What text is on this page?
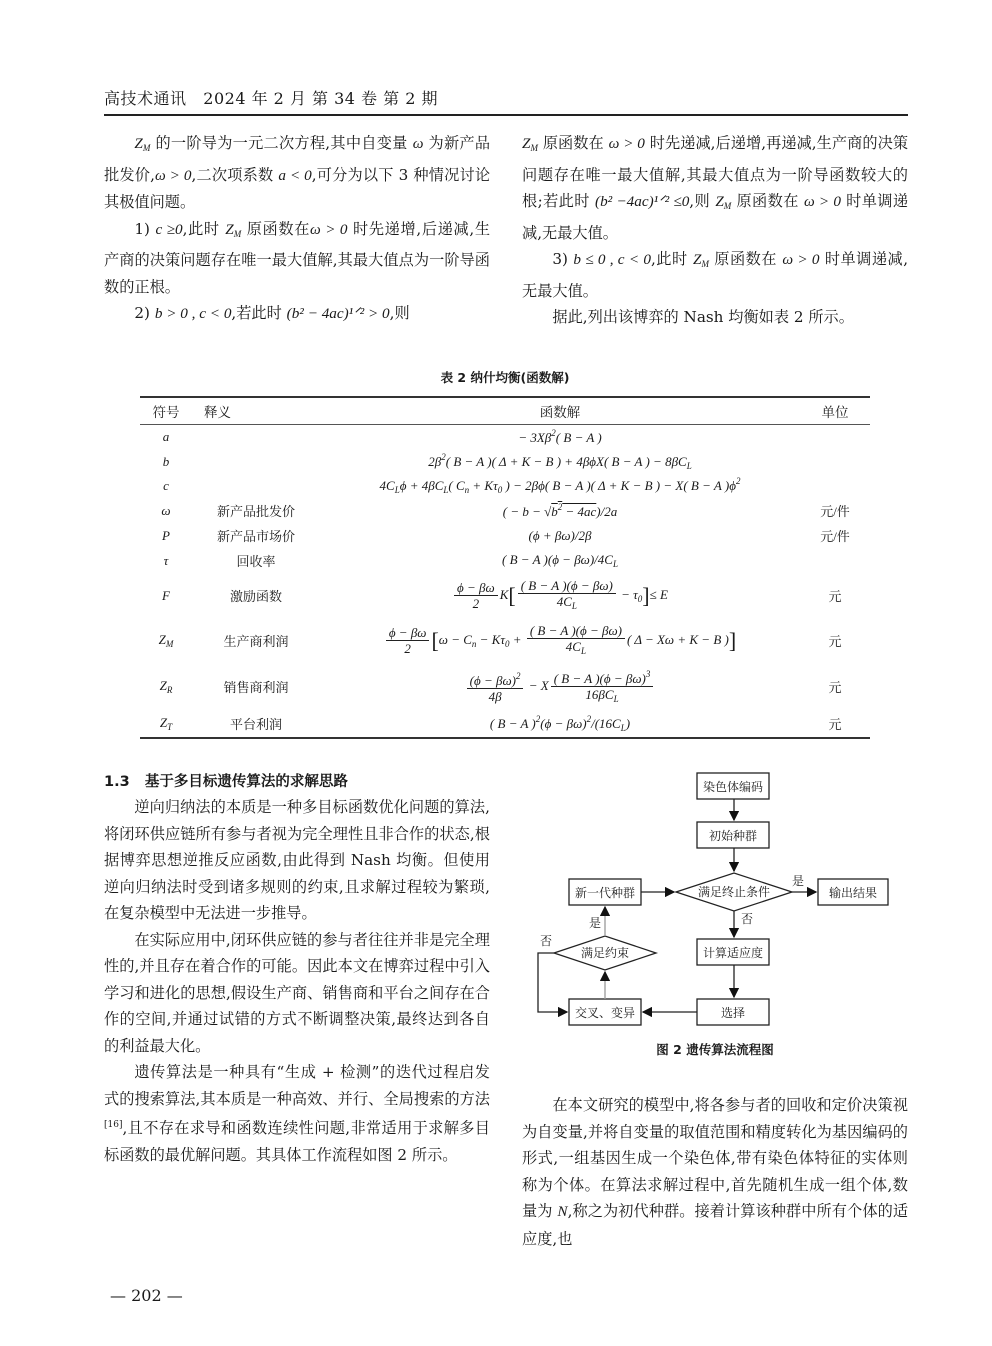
高技术通讯 2024 年 2 月 第 34 卷 第 2 期

$Z_M$ 的一阶导为一元二次方程,其中自变量 ω 为新产品批发价,ω > 0,二次项系数 a < 0,可分为以下 3 种情况讨论其极值问题。

1) c ≥0,此时 $Z_M$ 原函数在ω > 0 时先递增,后递减,生产商的决策问题存在唯一最大值解,其最大值点为一阶导函数的正根。

2) b > 0 , c < 0,若此时 (b² − 4ac)¹ᐟ² > 0,则

$Z_M$ 原函数在 ω > 0 时先递减,后递增,再递减,生产商的决策问题存在唯一最大值解,其最大值点为一阶导函数较大的根;若此时 (b² −4ac)¹ᐟ² ≤0,则 $Z_M$ 原函数在 ω > 0 时单调递减,无最大值。

3) b ≤ 0 , c < 0,此时 $Z_M$ 原函数在 ω > 0 时单调递减,无最大值。

据此,列出该博弈的 Nash 均衡如表 2 所示。

表 2 纳什均衡(函数解)
符号	释义	函数解	单位
a		− $3X\beta^2$( B − A )	
b		$2\beta^2$( B − A )( Δ + K − B ) + 4βϕX( B − A ) − $8\beta C_L$	
c		$4C_L\phi + 4\beta C_L$( $C_n + K\tau_0$ ) − 2βϕ( B − A )( Δ + K − B ) − X( B − A )$\phi^2$	
ω	新产品批发价	( − $b - √b^2 - 4ac)/2a$	元/件
P	新产品市场价	(ϕ + βω)/2β	元/件
τ	回收率	( B − A )$(\phi - \beta\omega)/4C_L$	
F	激励函数	$\frac{\phi - \beta\omega}{2} K[ \frac{( B - A )(\phi - \beta\omega)}{4C_L} - \tau_0]\le E$	元
$Z_M$	生产商利润	$\frac{\phi - \beta\omega}{2} [\omega - C_n - K\tau_0 + \frac{( B - A )(\phi - \beta\omega)}{4C_L}$ ( Δ − Xω + K − B )]	元
$Z_R$	销售商利润	$\frac{(\phi - \beta\omega)^2}{4\beta} - X \frac{( B - A )(\phi - \beta\omega)^3}{16\beta C_L}$	元
$Z_T$	平台利润	( B − A )$^2(\phi - \beta\omega)^2/(16C_L)$	元
1.3 基于多目标遗传算法的求解思路

逆向归纳法的本质是一种多目标函数优化问题的算法,将闭环供应链所有参与者视为完全理性且非合作的状态,根据博弈思想逆推反应函数,由此得到 Nash 均衡。但使用逆向归纳法时受到诸多规则的约束,且求解过程较为繁琐,在复杂模型中无法进一步推导。

在实际应用中,闭环供应链的参与者往往并非是完全理性的,并且存在着合作的可能。因此本文在博弈过程中引入学习和进化的思想,假设生产商、销售商和平台之间存在合作的空间,并通过试错的方式不断调整决策,最终达到各自的利益最大化。

遗传算法是一种具有“生成 + 检测”的迭代过程启发式的搜索算法,其本质是一种高效、并行、全局搜索的方法[16],且不存在求导和函数连续性问题,非常适用于求解多目标函数的最优解问题。其具体工作流程如图 2 所示。

染色体编码
初始种群
满足终止条件	输出结果
计算适应度
选择
交叉、变异
满足约束
新一代种群
是
否
是
否
图 2 遗传算法流程图

在本文研究的模型中,将各参与者的回收和定价决策视为自变量,并将自变量的取值范围和精度转化为基因编码的形式,一组基因生成一个染色体,带有染色体特征的实体则称为个体。在算法求解过程中,首先随机生成一组个体,数量为 N,称之为初代种群。接着计算该种群中所有个体的适应度,也

— 202 —
